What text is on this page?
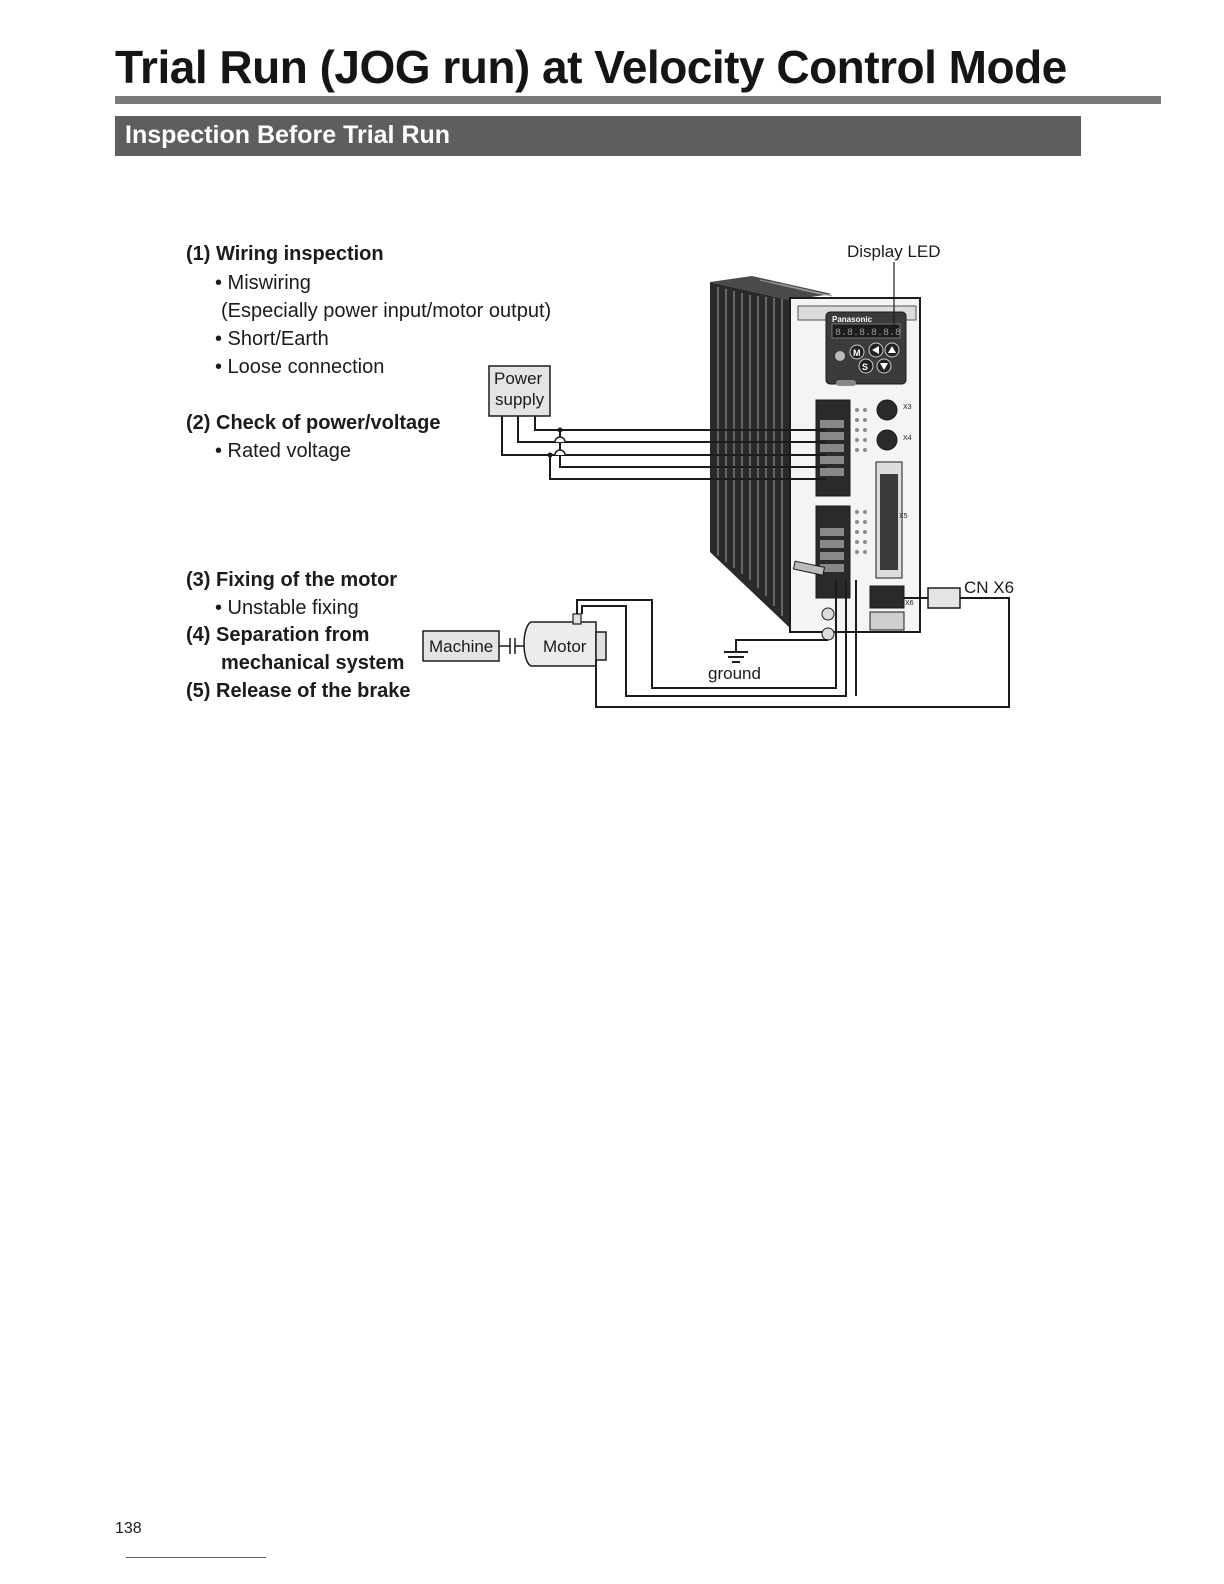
Trial Run (JOG run) at Velocity Control Mode
Inspection Before Trial Run
(1) Wiring inspection
• Miswiring
(Especially power input/motor output)
• Short/Earth
• Loose connection
(2) Check of power/voltage
• Rated voltage
(3) Fixing of the motor
• Unstable fixing
(4) Separation from
mechanical system
(5) Release of the brake
Panasonic
8.8.8.8.8.8
M
S
X3
X4
X5
X6
Display LED
Power
supply
Machine	Motor
ground
CN X6
138
